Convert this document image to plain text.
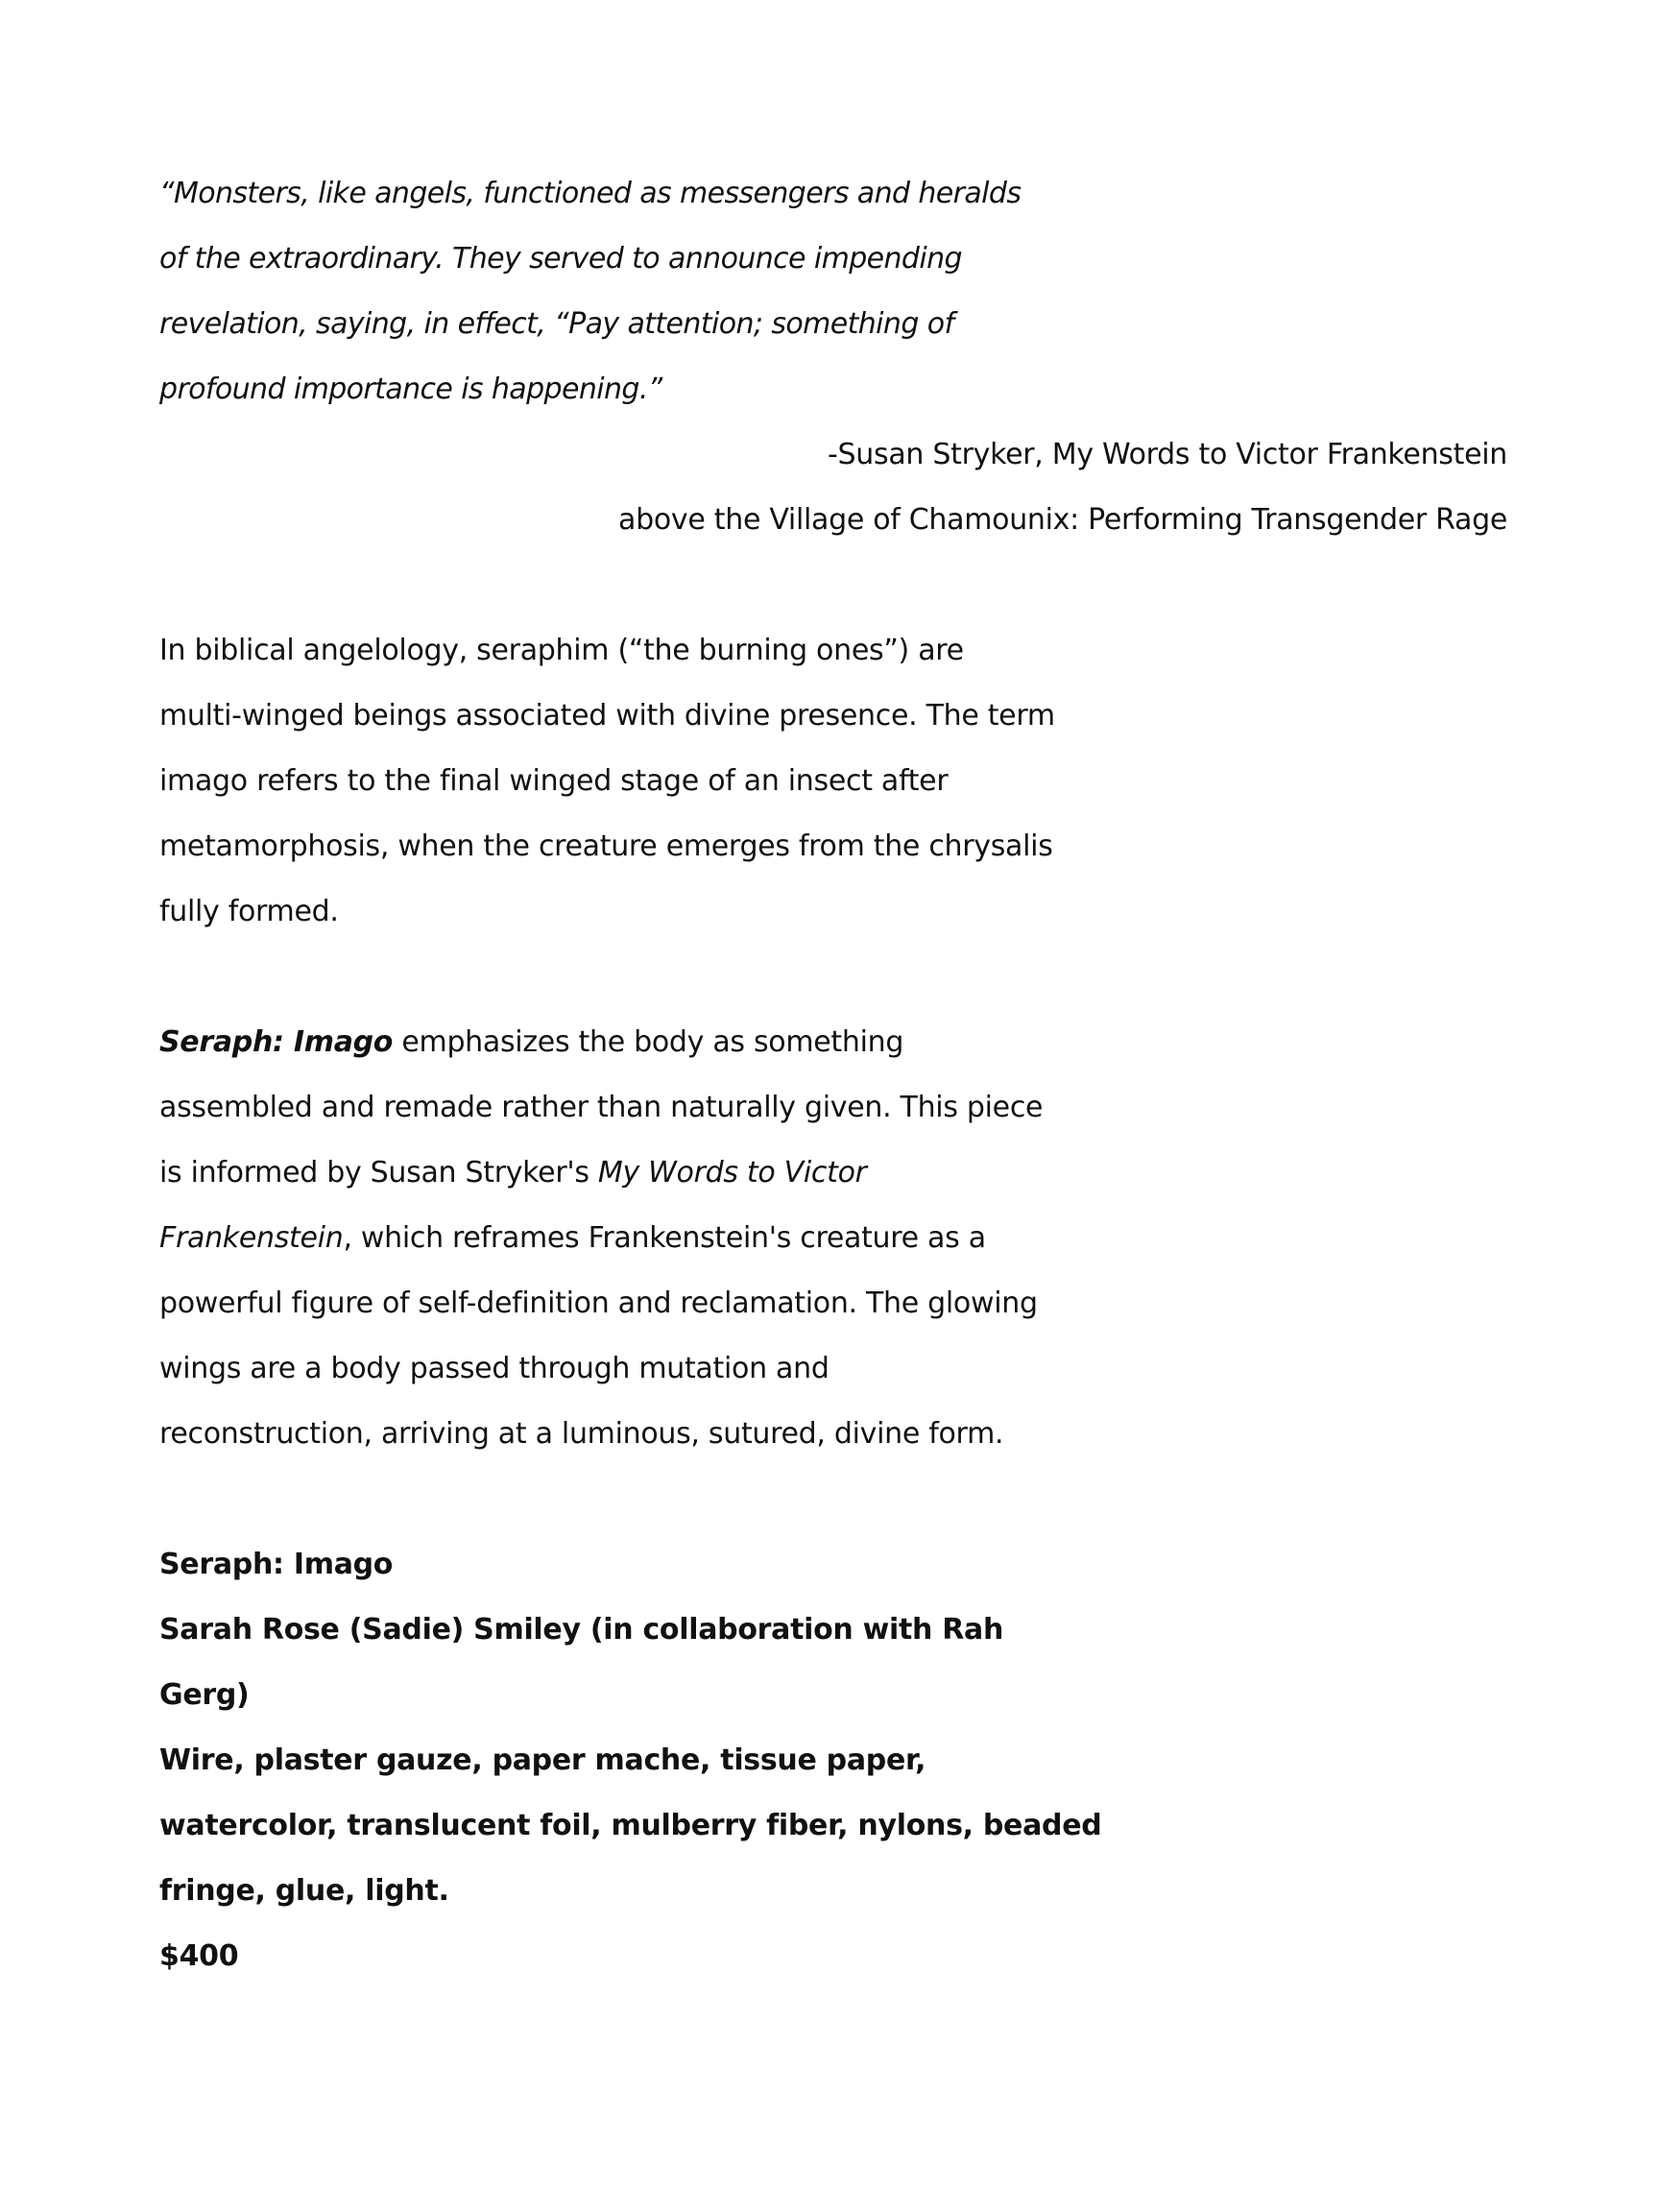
“Monsters, like angels, functioned as messengers and heralds
of the extraordinary. They served to announce impending
revelation, saying, in effect, “Pay attention; something of
profound importance is happening.”
-Susan Stryker, My Words to Victor Frankenstein
above the Village of Chamounix: Performing Transgender Rage
In biblical angelology, seraphim (“the burning ones”) are
multi-winged beings associated with divine presence. The term
imago refers to the final winged stage of an insect after
metamorphosis, when the creature emerges from the chrysalis
fully formed.
Seraph: Imago emphasizes the body as something
assembled and remade rather than naturally given. This piece
is informed by Susan Stryker's My Words to Victor
Frankenstein, which reframes Frankenstein's creature as a
powerful figure of self-definition and reclamation. The glowing
wings are a body passed through mutation and
reconstruction, arriving at a luminous, sutured, divine form.
Seraph: Imago
Sarah Rose (Sadie) Smiley (in collaboration with Rah
Gerg)
Wire, plaster gauze, paper mache, tissue paper,
watercolor, translucent foil, mulberry fiber, nylons, beaded
fringe, glue, light.
$400
